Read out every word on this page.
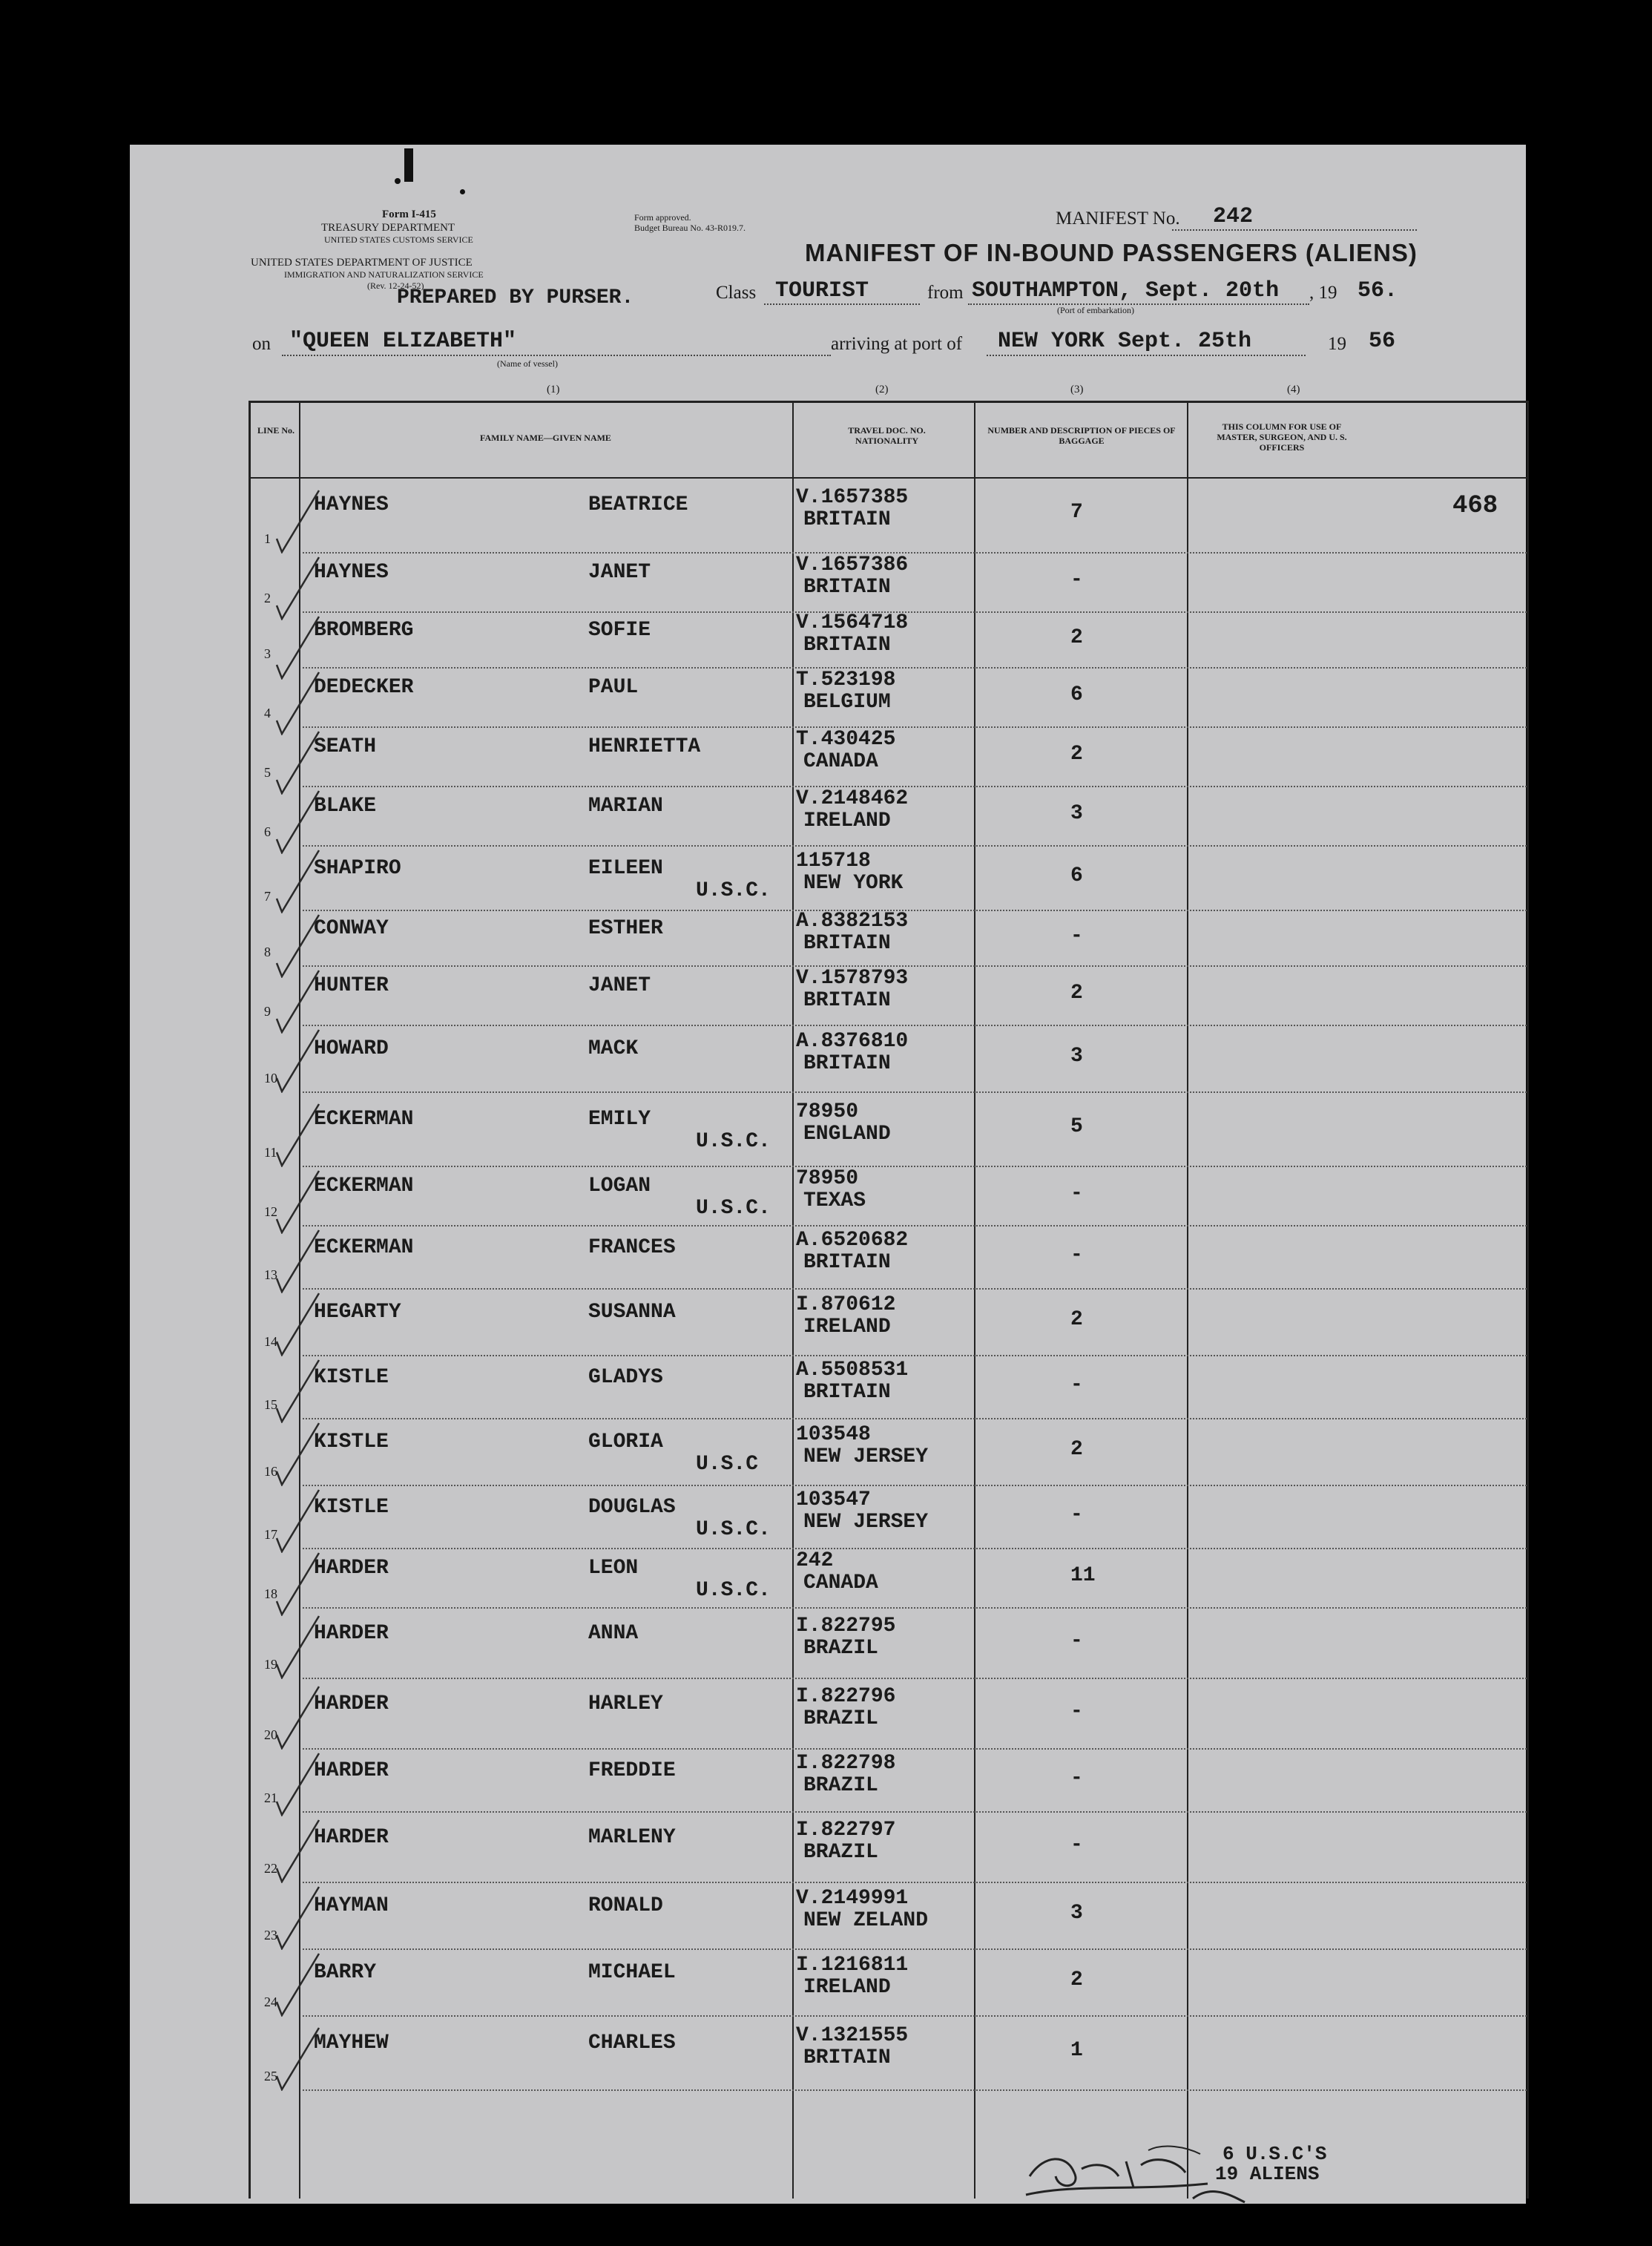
Form I-415
TREASURY DEPARTMENT
UNITED STATES CUSTOMS SERVICE
UNITED STATES DEPARTMENT OF JUSTICE
IMMIGRATION AND NATURALIZATION SERVICE
(Rev. 12-24-52)
PREPARED BY PURSER.
Form approved.
Budget Bureau No. 43-R019.7.	MANIFEST No. 242
MANIFEST OF IN-BOUND PASSENGERS (ALIENS)
Class TOURIST	from SOUTHAMPTON, Sept. 20th , 19 56.
(Port of embarkation)
on "QUEEN ELIZABETH"
(Name of vessel)
arriving at port of NEW YORK Sept. 25th	19 56
(1)	(2)	(3)	(4)
LINE No.
FAMILY NAME—GIVEN NAME
TRAVEL DOC. NO. NATIONALITY
NUMBER AND DESCRIPTION OF PIECES OF BAGGAGE
THIS COLUMN FOR USE OF MASTER, SURGEON, AND U. S. OFFICERS
1
HAYNES	BEATRICE	V.1657385
BRITAIN	7	468
2
HAYNES	JANET	V.1657386
BRITAIN	-
3
BROMBERG	SOFIE	V.1564718
BRITAIN	2
4
DEDECKER	PAUL	T.523198
BELGIUM	6
5
SEATH	HENRIETTA	T.430425
CANADA	2
6
BLAKE	MARIAN	V.2148462
IRELAND	3
7
SHAPIRO	EILEEN
U.S.C.
115718
NEW YORK	6
8
CONWAY	ESTHER	A.8382153
BRITAIN	-
9
HUNTER	JANET	V.1578793
BRITAIN	2
10
HOWARD	MACK	A.8376810
BRITAIN	3
11
ECKERMAN	EMILY
U.S.C.
78950
ENGLAND	5
12
ECKERMAN	LOGAN
U.S.C.
78950
TEXAS	-
13
ECKERMAN	FRANCES	A.6520682
BRITAIN	-
14
HEGARTY	SUSANNA	I.870612
IRELAND	2
15
KISTLE	GLADYS	A.5508531
BRITAIN	-
16
KISTLE	GLORIA
U.S.C
103548
NEW JERSEY	2
17
KISTLE	DOUGLAS
U.S.C.
103547
NEW JERSEY	-
18
HARDER	LEON
U.S.C.
242
CANADA	11
19
HARDER	ANNA	I.822795
BRAZIL	-
20
HARDER	HARLEY	I.822796
BRAZIL	-
21
HARDER	FREDDIE	I.822798
BRAZIL	-
22
HARDER	MARLENY	I.822797
BRAZIL	-
23
HAYMAN	RONALD	V.2149991
NEW ZELAND	3
24
BARRY	MICHAEL	I.1216811
IRELAND	2
25
MAYHEW	CHARLES	V.1321555
BRITAIN	1
6 U.S.C'S
19 ALIENS
